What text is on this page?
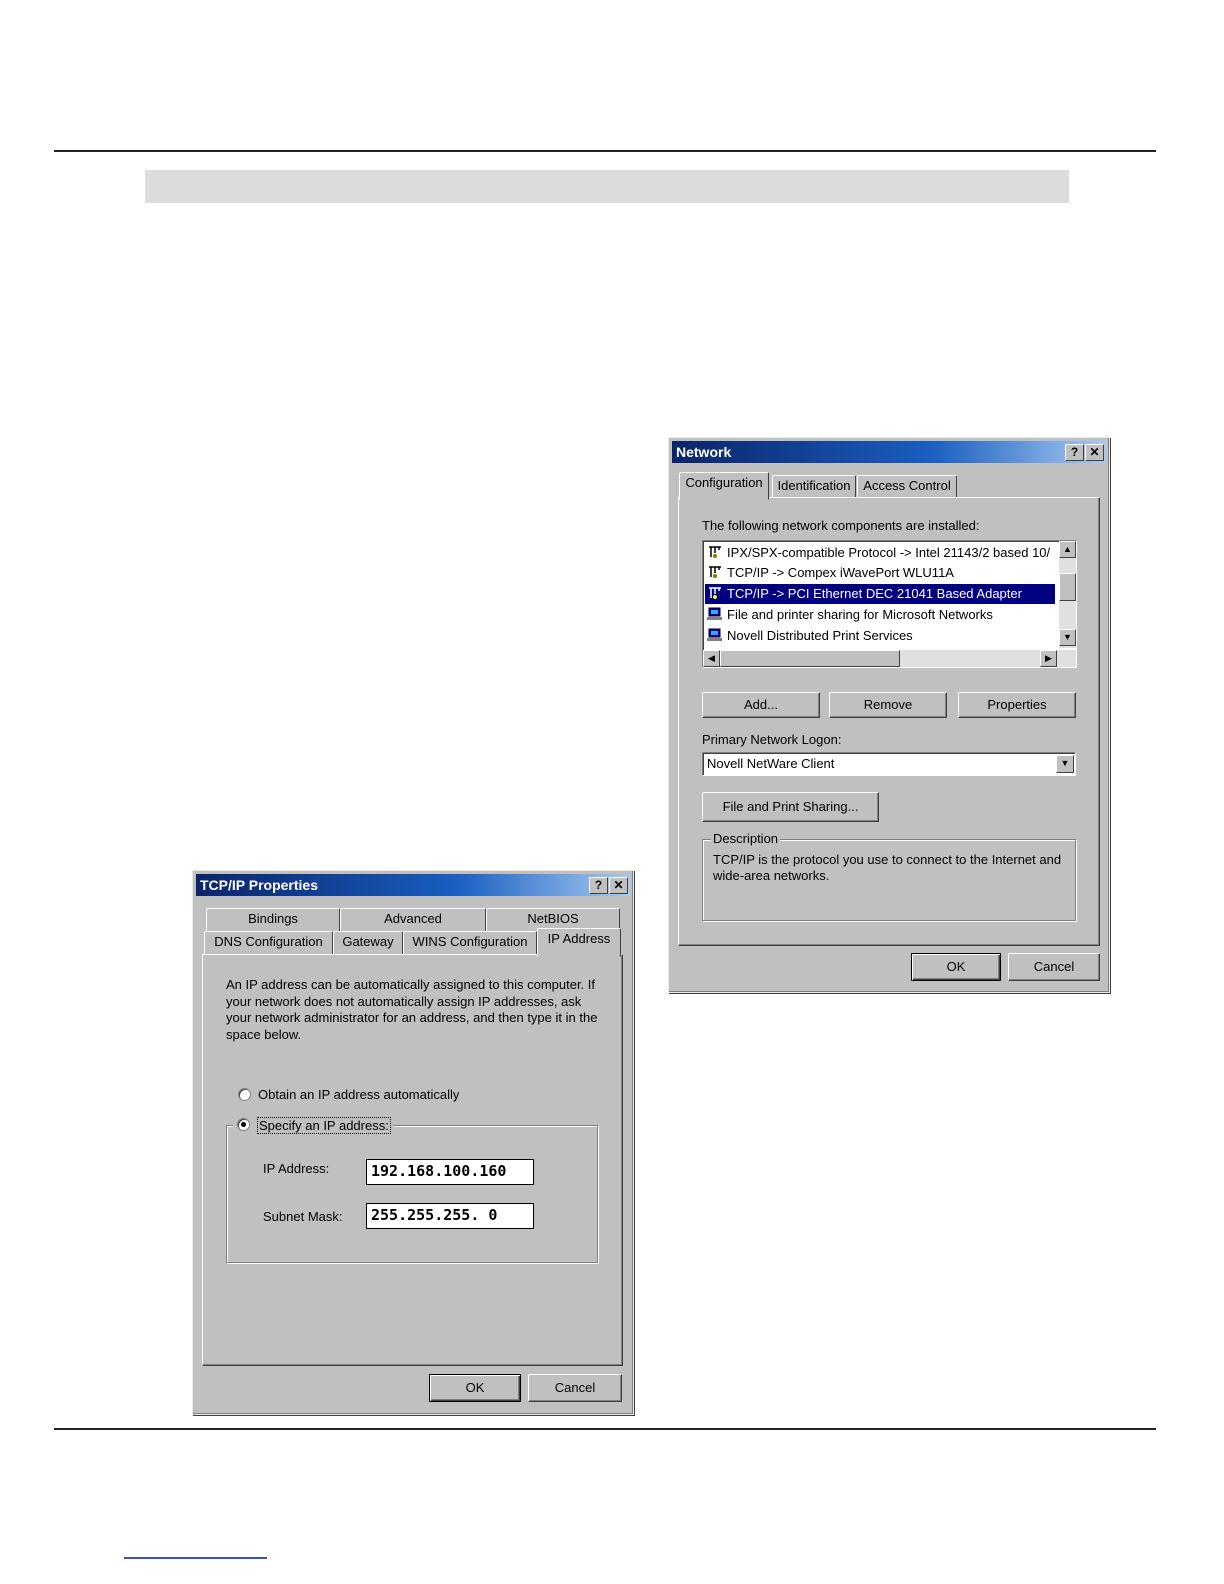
Network	? ✕
Configuration	Identification Access Control
The following network components are installed:
IPX/SPX-compatible Protocol -> Intel 21143/2 based 10/
TCP/IP -> Compex iWavePort WLU11A
TCP/IP -> PCI Ethernet DEC 21041 Based Adapter
File and printer sharing for Microsoft Networks
Novell Distributed Print Services
▲
▼
◀	▶
Add...	Remove	Properties
Primary Network Logon:
Novell NetWare Client	▼
File and Print Sharing...
Description
TCP/IP is the protocol you use to connect to the Internet and wide-area networks.
OK	Cancel
TCP/IP Properties	? ✕
Bindings	Advanced	NetBIOS
DNS Configuration	Gateway	WINS Configuration	IP Address
An IP address can be automatically assigned to this computer. If your network does not automatically assign IP addresses, ask your network administrator for an address, and then type it in the space below.
Obtain an IP address automatically
Specify an IP address:
IP Address:	192.168.100.160
Subnet Mask:	255.255.255. 0
OK	Cancel
